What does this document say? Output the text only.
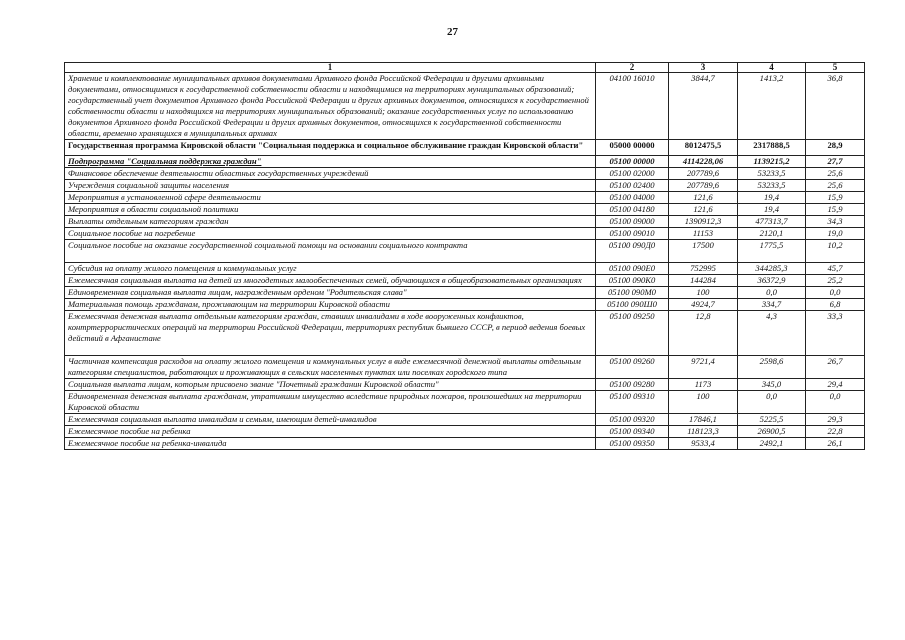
27
1	2	3	4	5
Хранение и комплектование муниципальных архивов документами Архивного фонда Российской Федерации и другими архивными документами, относящимися к государственной собственности области и находящимися на территориях муниципальных образований; государственный учет документов Архивного фонда Российской Федерации и других архивных документов, относящихся к государственной собственности области и находящихся на территориях муниципальных образований; оказание государственных услуг по использованию документов Архивного фонда Российской Федерации и других архивных документов, относящихся к государственной собственности области, временно хранящихся в муниципальных архивах	04100 16010	3844,7	1413,2	36,8
Государственная программа Кировской области "Социальная поддержка и социальное обслуживание граждан Кировской области"	05000 00000	8012475,5	2317888,5	28,9
Подпрограмма "Социальная поддержка граждан"	05100 00000	4114228,06	1139215,2	27,7
Финансовое обеспечение деятельности областных государственных учреждений	05100 02000	207789,6	53233,5	25,6
Учреждения социальной защиты населения	05100 02400	207789,6	53233,5	25,6
Мероприятия в установленной сфере деятельности	05100 04000	121,6	19,4	15,9
Мероприятия в области социальной политики	05100 04180	121,6	19,4	15,9
Выплаты отдельным категориям граждан	05100 09000	1390912,3	477313,7	34,3
Социальное пособие на погребение	05100 09010	11153	2120,1	19,0
Социальное пособие на оказание государственной социальной помощи на основании социального контракта	05100 090Д0	17500	1775,5	10,2
Субсидия на оплату жилого помещения и коммунальных услуг	05100 090Е0	752995	344285,3	45,7
Ежемесячная социальная выплата на детей из многодетных малообеспеченных семей, обучающихся в общеобразовательных организациях	05100 090К0	144284	36372,9	25,2
Единовременная социальная выплата лицам, награжденным орденом "Родительская слава"	05100 090М0	100	0,0	0,0
Материальная помощь гражданам, проживающим на территории Кировской области	05100 090Ш0	4924,7	334,7	6,8
Ежемесячная денежная выплата отдельным категориям граждан, ставших инвалидами в ходе вооруженных конфликтов, контртеррористических операций на территории Российской Федерации, территориях республик бывшего СССР, в период ведения боевых действий в Афганистане	05100 09250	12,8	4,3	33,3
Частичная компенсация расходов на оплату жилого помещения и коммунальных услуг в виде ежемесячной денежной выплаты отдельным категориям специалистов, работающих и проживающих в сельских населенных пунктах или поселках городского типа	05100 09260	9721,4	2598,6	26,7
Социальная выплата лицам, которым присвоено звание "Почетный гражданин Кировской области"	05100 09280	1173	345,0	29,4
Единовременная денежная выплата гражданам, утратившим имущество вследствие природных пожаров, произошедших на территории Кировской области	05100 09310	100	0,0	0,0
Ежемесячная социальная выплата инвалидам и семьям, имеющим детей-инвалидов	05100 09320	17846,1	5225,5	29,3
Ежемесячное пособие на ребенка	05100 09340	118123,3	26900,5	22,8
Ежемесячное пособие на ребенка-инвалида	05100 09350	9533,4	2492,1	26,1
